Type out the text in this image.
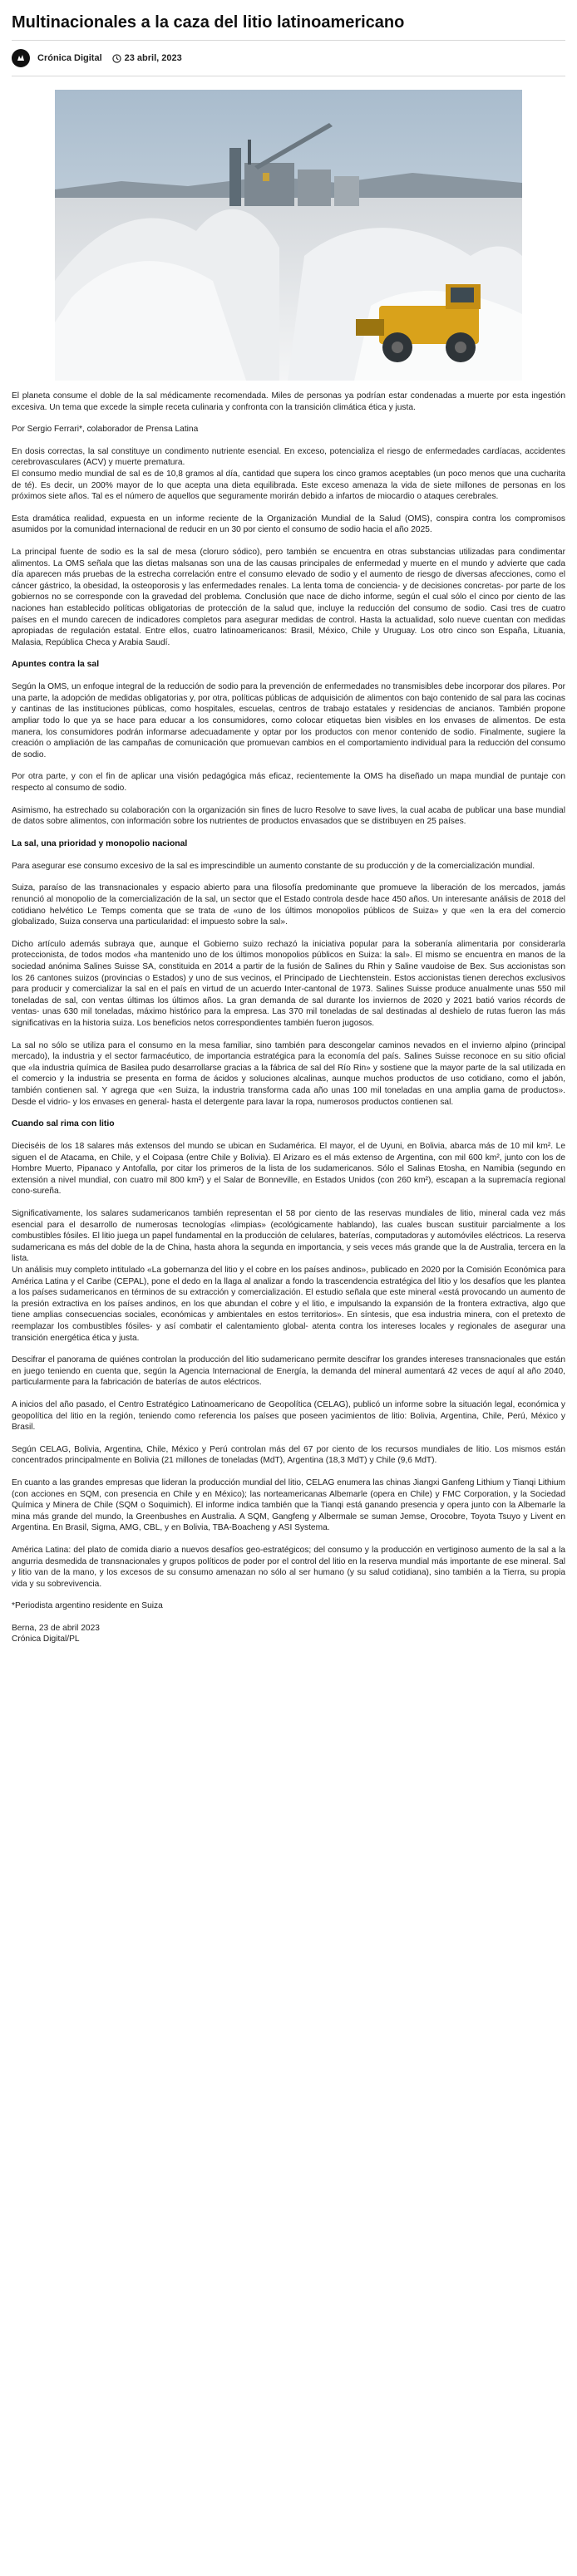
Multinacionales a la caza del litio latinoamericano
Crónica Digital 23 abril, 2023

El planeta consume el doble de la sal médicamente recomendada. Miles de personas ya podrían estar condenadas a muerte por esta ingestión excesiva. Un tema que excede la simple receta culinaria y confronta con la transición climática ética y justa.

Por Sergio Ferrari*, colaborador de Prensa Latina

En dosis correctas, la sal constituye un condimento nutriente esencial. En exceso, potencializa el riesgo de enfermedades cardíacas, accidentes cerebrovasculares (ACV) y muerte prematura.

El consumo medio mundial de sal es de 10,8 gramos al día, cantidad que supera los cinco gramos aceptables (un poco menos que una cucharita de té). Es decir, un 200% mayor de lo que acepta una dieta equilibrada. Este exceso amenaza la vida de siete millones de personas en los próximos siete años. Tal es el número de aquellos que seguramente morirán debido a infartos de miocardio o ataques cerebrales.

Esta dramática realidad, expuesta en un informe reciente de la Organización Mundial de la Salud (OMS), conspira contra los compromisos asumidos por la comunidad internacional de reducir en un 30 por ciento el consumo de sodio hacia el año 2025.

La principal fuente de sodio es la sal de mesa (cloruro sódico), pero también se encuentra en otras substancias utilizadas para condimentar alimentos. La OMS señala que las dietas malsanas son una de las causas principales de enfermedad y muerte en el mundo y advierte que cada día aparecen más pruebas de la estrecha correlación entre el consumo elevado de sodio y el aumento de riesgo de diversas afecciones, como el cáncer gástrico, la obesidad, la osteoporosis y las enfermedades renales. La lenta toma de conciencia- y de decisiones concretas- por parte de los gobiernos no se corresponde con la gravedad del problema. Conclusión que nace de dicho informe, según el cual sólo el cinco por ciento de las naciones han establecido políticas obligatorias de protección de la salud que, incluye la reducción del consumo de sodio. Casi tres de cuatro países en el mundo carecen de indicadores completos para asegurar medidas de control. Hasta la actualidad, solo nueve cuentan con medidas apropiadas de regulación estatal. Entre ellos, cuatro latinoamericanos: Brasil, México, Chile y Uruguay. Los otro cinco son España, Lituania, Malasia, República Checa y Arabia Saudí.

Apuntes contra la sal

Según la OMS, un enfoque integral de la reducción de sodio para la prevención de enfermedades no transmisibles debe incorporar dos pilares. Por una parte, la adopción de medidas obligatorias y, por otra, políticas públicas de adquisición de alimentos con bajo contenido de sal para las cocinas y cantinas de las instituciones públicas, como hospitales, escuelas, centros de trabajo estatales y residencias de ancianos. También propone ampliar todo lo que ya se hace para educar a los consumidores, como colocar etiquetas bien visibles en los envases de alimentos. De esta manera, los consumidores podrán informarse adecuadamente y optar por los productos con menor contenido de sodio. Finalmente, sugiere la creación o ampliación de las campañas de comunicación que promuevan cambios en el comportamiento individual para la reducción del consumo de sodio.

Por otra parte, y con el fin de aplicar una visión pedagógica más eficaz, recientemente la OMS ha diseñado un mapa mundial de puntaje con respecto al consumo de sodio.

Asimismo, ha estrechado su colaboración con la organización sin fines de lucro Resolve to save lives, la cual acaba de publicar una base mundial de datos sobre alimentos, con información sobre los nutrientes de productos envasados que se distribuyen en 25 países.

La sal, una prioridad y monopolio nacional

Para asegurar ese consumo excesivo de la sal es imprescindible un aumento constante de su producción y de la comercialización mundial.

Suiza, paraíso de las transnacionales y espacio abierto para una filosofía predominante que promueve la liberación de los mercados, jamás renunció al monopolio de la comercialización de la sal, un sector que el Estado controla desde hace 450 años. Un interesante análisis de 2018 del cotidiano helvético Le Temps comenta que se trata de «uno de los últimos monopolios públicos de Suiza» y que «en la era del comercio globalizado, Suiza conserva una particularidad: el impuesto sobre la sal».

Dicho artículo además subraya que, aunque el Gobierno suizo rechazó la iniciativa popular para la soberanía alimentaria por considerarla proteccionista, de todos modos «ha mantenido uno de los últimos monopolios públicos en Suiza: la sal». El mismo se encuentra en manos de la sociedad anónima Salines Suisse SA, constituida en 2014 a partir de la fusión de Salines du Rhin y Saline vaudoise de Bex. Sus accionistas son los 26 cantones suizos (provincias o Estados) y uno de sus vecinos, el Principado de Liechtenstein. Estos accionistas tienen derechos exclusivos para producir y comercializar la sal en el país en virtud de un acuerdo Inter-cantonal de 1973. Salines Suisse produce anualmente unas 550 mil toneladas de sal, con ventas últimas los últimos años. La gran demanda de sal durante los inviernos de 2020 y 2021 batió varios récords de ventas- unas 630 mil toneladas, máximo histórico para la empresa. Las 370 mil toneladas de sal destinadas al deshielo de rutas fueron las más significativas en la historia suiza. Los beneficios netos correspondientes también fueron jugosos.

La sal no sólo se utiliza para el consumo en la mesa familiar, sino también para descongelar caminos nevados en el invierno alpino (principal mercado), la industria y el sector farmacéutico, de importancia estratégica para la economía del país. Salines Suisse reconoce en su sitio oficial que «la industria química de Basilea pudo desarrollarse gracias a la fábrica de sal del Río Rin» y sostiene que la mayor parte de la sal utilizada en el comercio y la industria se presenta en forma de ácidos y soluciones alcalinas, aunque muchos productos de uso cotidiano, como el jabón, también contienen sal. Y agrega que «en Suiza, la industria transforma cada año unas 100 mil toneladas en una amplia gama de productos». Desde el vidrio- y los envases en general- hasta el detergente para lavar la ropa, numerosos productos contienen sal.

Cuando sal rima con litio

Dieciséis de los 18 salares más extensos del mundo se ubican en Sudamérica. El mayor, el de Uyuni, en Bolivia, abarca más de 10 mil km². Le siguen el de Atacama, en Chile, y el Coipasa (entre Chile y Bolivia). El Arizaro es el más extenso de Argentina, con mil 600 km², junto con los de Hombre Muerto, Pipanaco y Antofalla, por citar los primeros de la lista de los sudamericanos. Sólo el Salinas Etosha, en Namibia (segundo en extensión a nivel mundial, con cuatro mil 800 km²) y el Salar de Bonneville, en Estados Unidos (con 260 km²), escapan a la supremacía regional cono-sureña.

Significativamente, los salares sudamericanos también representan el 58 por ciento de las reservas mundiales de litio, mineral cada vez más esencial para el desarrollo de numerosas tecnologías «limpias» (ecológicamente hablando), las cuales buscan sustituir parcialmente a los combustibles fósiles. El litio juega un papel fundamental en la producción de celulares, baterías, computadoras y automóviles eléctricos. La reserva sudamericana es más del doble de la de China, hasta ahora la segunda en importancia, y seis veces más grande que la de Australia, tercera en la lista.

Un análisis muy completo intitulado «La gobernanza del litio y el cobre en los países andinos», publicado en 2020 por la Comisión Económica para América Latina y el Caribe (CEPAL), pone el dedo en la llaga al analizar a fondo la trascendencia estratégica del litio y los desafíos que les plantea a los países sudamericanos en términos de su extracción y comercialización. El estudio señala que este mineral «está provocando un aumento de la presión extractiva en los países andinos, en los que abundan el cobre y el litio, e impulsando la expansión de la frontera extractiva, algo que tiene amplias consecuencias sociales, económicas y ambientales en estos territorios». En síntesis, que esa industria minera, con el pretexto de reemplazar los combustibles fósiles- y así combatir el calentamiento global- atenta contra los intereses locales y regionales de asegurar una transición energética ética y justa.

Descifrar el panorama de quiénes controlan la producción del litio sudamericano permite descifrar los grandes intereses transnacionales que están en juego teniendo en cuenta que, según la Agencia Internacional de Energía, la demanda del mineral aumentará 42 veces de aquí al año 2040, particularmente para la fabricación de baterías de autos eléctricos.

A inicios del año pasado, el Centro Estratégico Latinoamericano de Geopolítica (CELAG), publicó un informe sobre la situación legal, económica y geopolítica del litio en la región, teniendo como referencia los países que poseen yacimientos de litio: Bolivia, Argentina, Chile, Perú, México y Brasil.

Según CELAG, Bolivia, Argentina, Chile, México y Perú controlan más del 67 por ciento de los recursos mundiales de litio. Los mismos están concentrados principalmente en Bolivia (21 millones de toneladas (MdT), Argentina (18,3 MdT) y Chile (9,6 MdT).

En cuanto a las grandes empresas que lideran la producción mundial del litio, CELAG enumera las chinas Jiangxi Ganfeng Lithium y Tianqi Lithium (con acciones en SQM, con presencia en Chile y en México); las norteamericanas Albemarle (opera en Chile) y FMC Corporation, y la Sociedad Química y Minera de Chile (SQM o Soquimich). El informe indica también que la Tianqi está ganando presencia y opera junto con la Albemarle la mina más grande del mundo, la Greenbushes en Australia. A SQM, Gangfeng y Albermale se suman Jemse, Orocobre, Toyota Tsuyo y Livent en Argentina. En Brasil, Sigma, AMG, CBL, y en Bolivia, TBA-Boacheng y ASI Systema.

América Latina: del plato de comida diario a nuevos desafíos geo-estratégicos; del consumo y la producción en vertiginoso aumento de la sal a la angurria desmedida de transnacionales y grupos políticos de poder por el control del litio en la reserva mundial más importante de ese mineral. Sal y litio van de la mano, y los excesos de su consumo amenazan no sólo al ser humano (y su salud cotidiana), sino también a la Tierra, su propia vida y su sobrevivencia.

*Periodista argentino residente en Suiza

Berna, 23 de abril 2023
Crónica Digital/PL
